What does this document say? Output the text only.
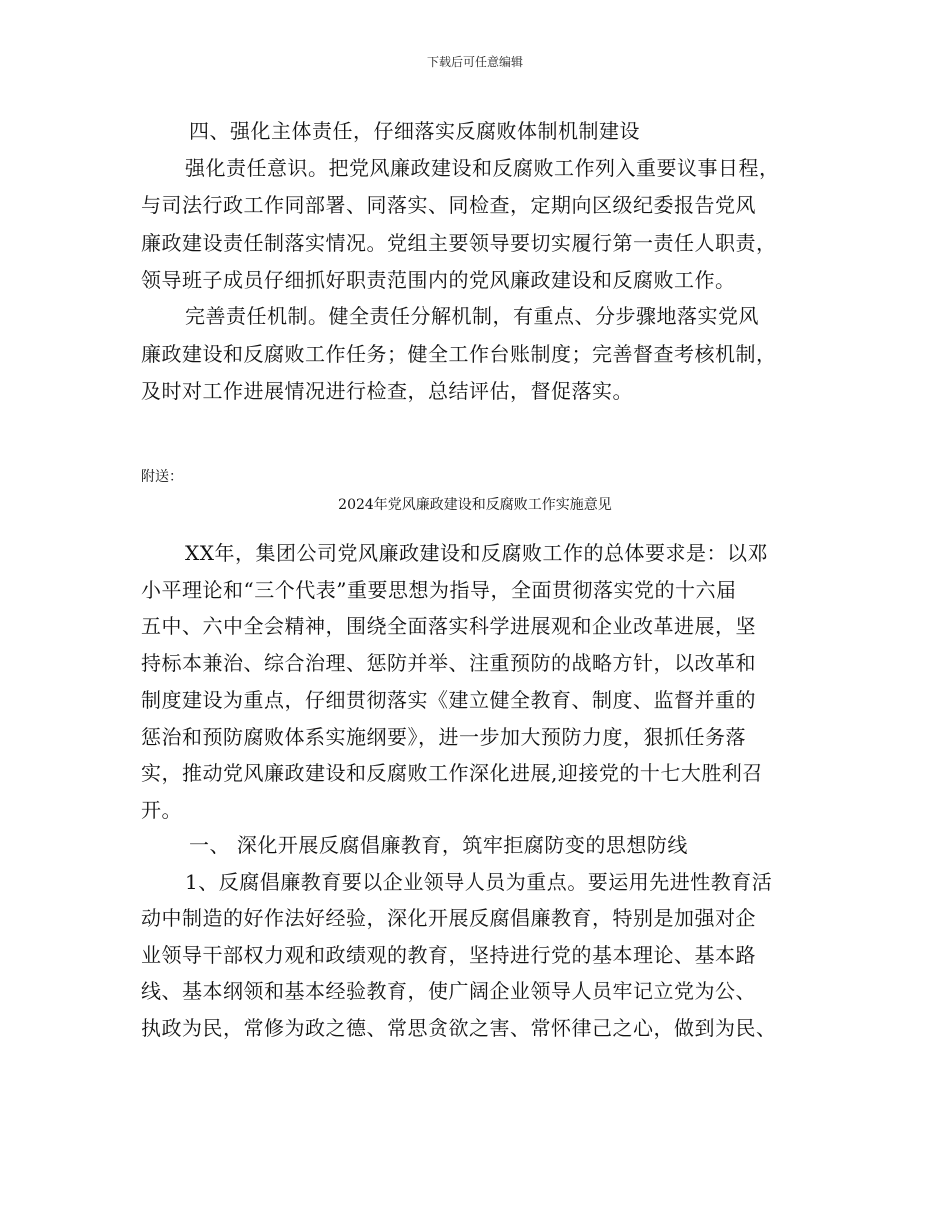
下载后可任意编辑
四、强化主体责任，仔细落实反腐败体制机制建设
强化责任意识。把党风廉政建设和反腐败工作列入重要议事日程，
与司法行政工作同部署、同落实、同检查，定期向区级纪委报告党风
廉政建设责任制落实情况。党组主要领导要切实履行第一责任人职责，
领导班子成员仔细抓好职责范围内的党风廉政建设和反腐败工作。
完善责任机制。健全责任分解机制，有重点、分步骤地落实党风
廉政建设和反腐败工作任务；健全工作台账制度；完善督查考核机制，
及时对工作进展情况进行检查，总结评估，督促落实。
附送：
2024年党风廉政建设和反腐败工作实施意见
XX年，集团公司党风廉政建设和反腐败工作的总体要求是：以邓
小平理论和“三个代表”重要思想为指导，全面贯彻落实党的十六届
五中、六中全会精神，围绕全面落实科学进展观和企业改革进展，坚
持标本兼治、综合治理、惩防并举、注重预防的战略方针，以改革和
制度建设为重点，仔细贯彻落实《建立健全教育、制度、监督并重的
惩治和预防腐败体系实施纲要》，进一步加大预防力度，狠抓任务落
实，推动党风廉政建设和反腐败工作深化进展,迎接党的十七大胜利召
开。
一、 深化开展反腐倡廉教育，筑牢拒腐防变的思想防线
1、反腐倡廉教育要以企业领导人员为重点。要运用先进性教育活
动中制造的好作法好经验，深化开展反腐倡廉教育，特别是加强对企
业领导干部权力观和政绩观的教育，坚持进行党的基本理论、基本路
线、基本纲领和基本经验教育，使广阔企业领导人员牢记立党为公、
执政为民，常修为政之德、常思贪欲之害、常怀律己之心，做到为民、
